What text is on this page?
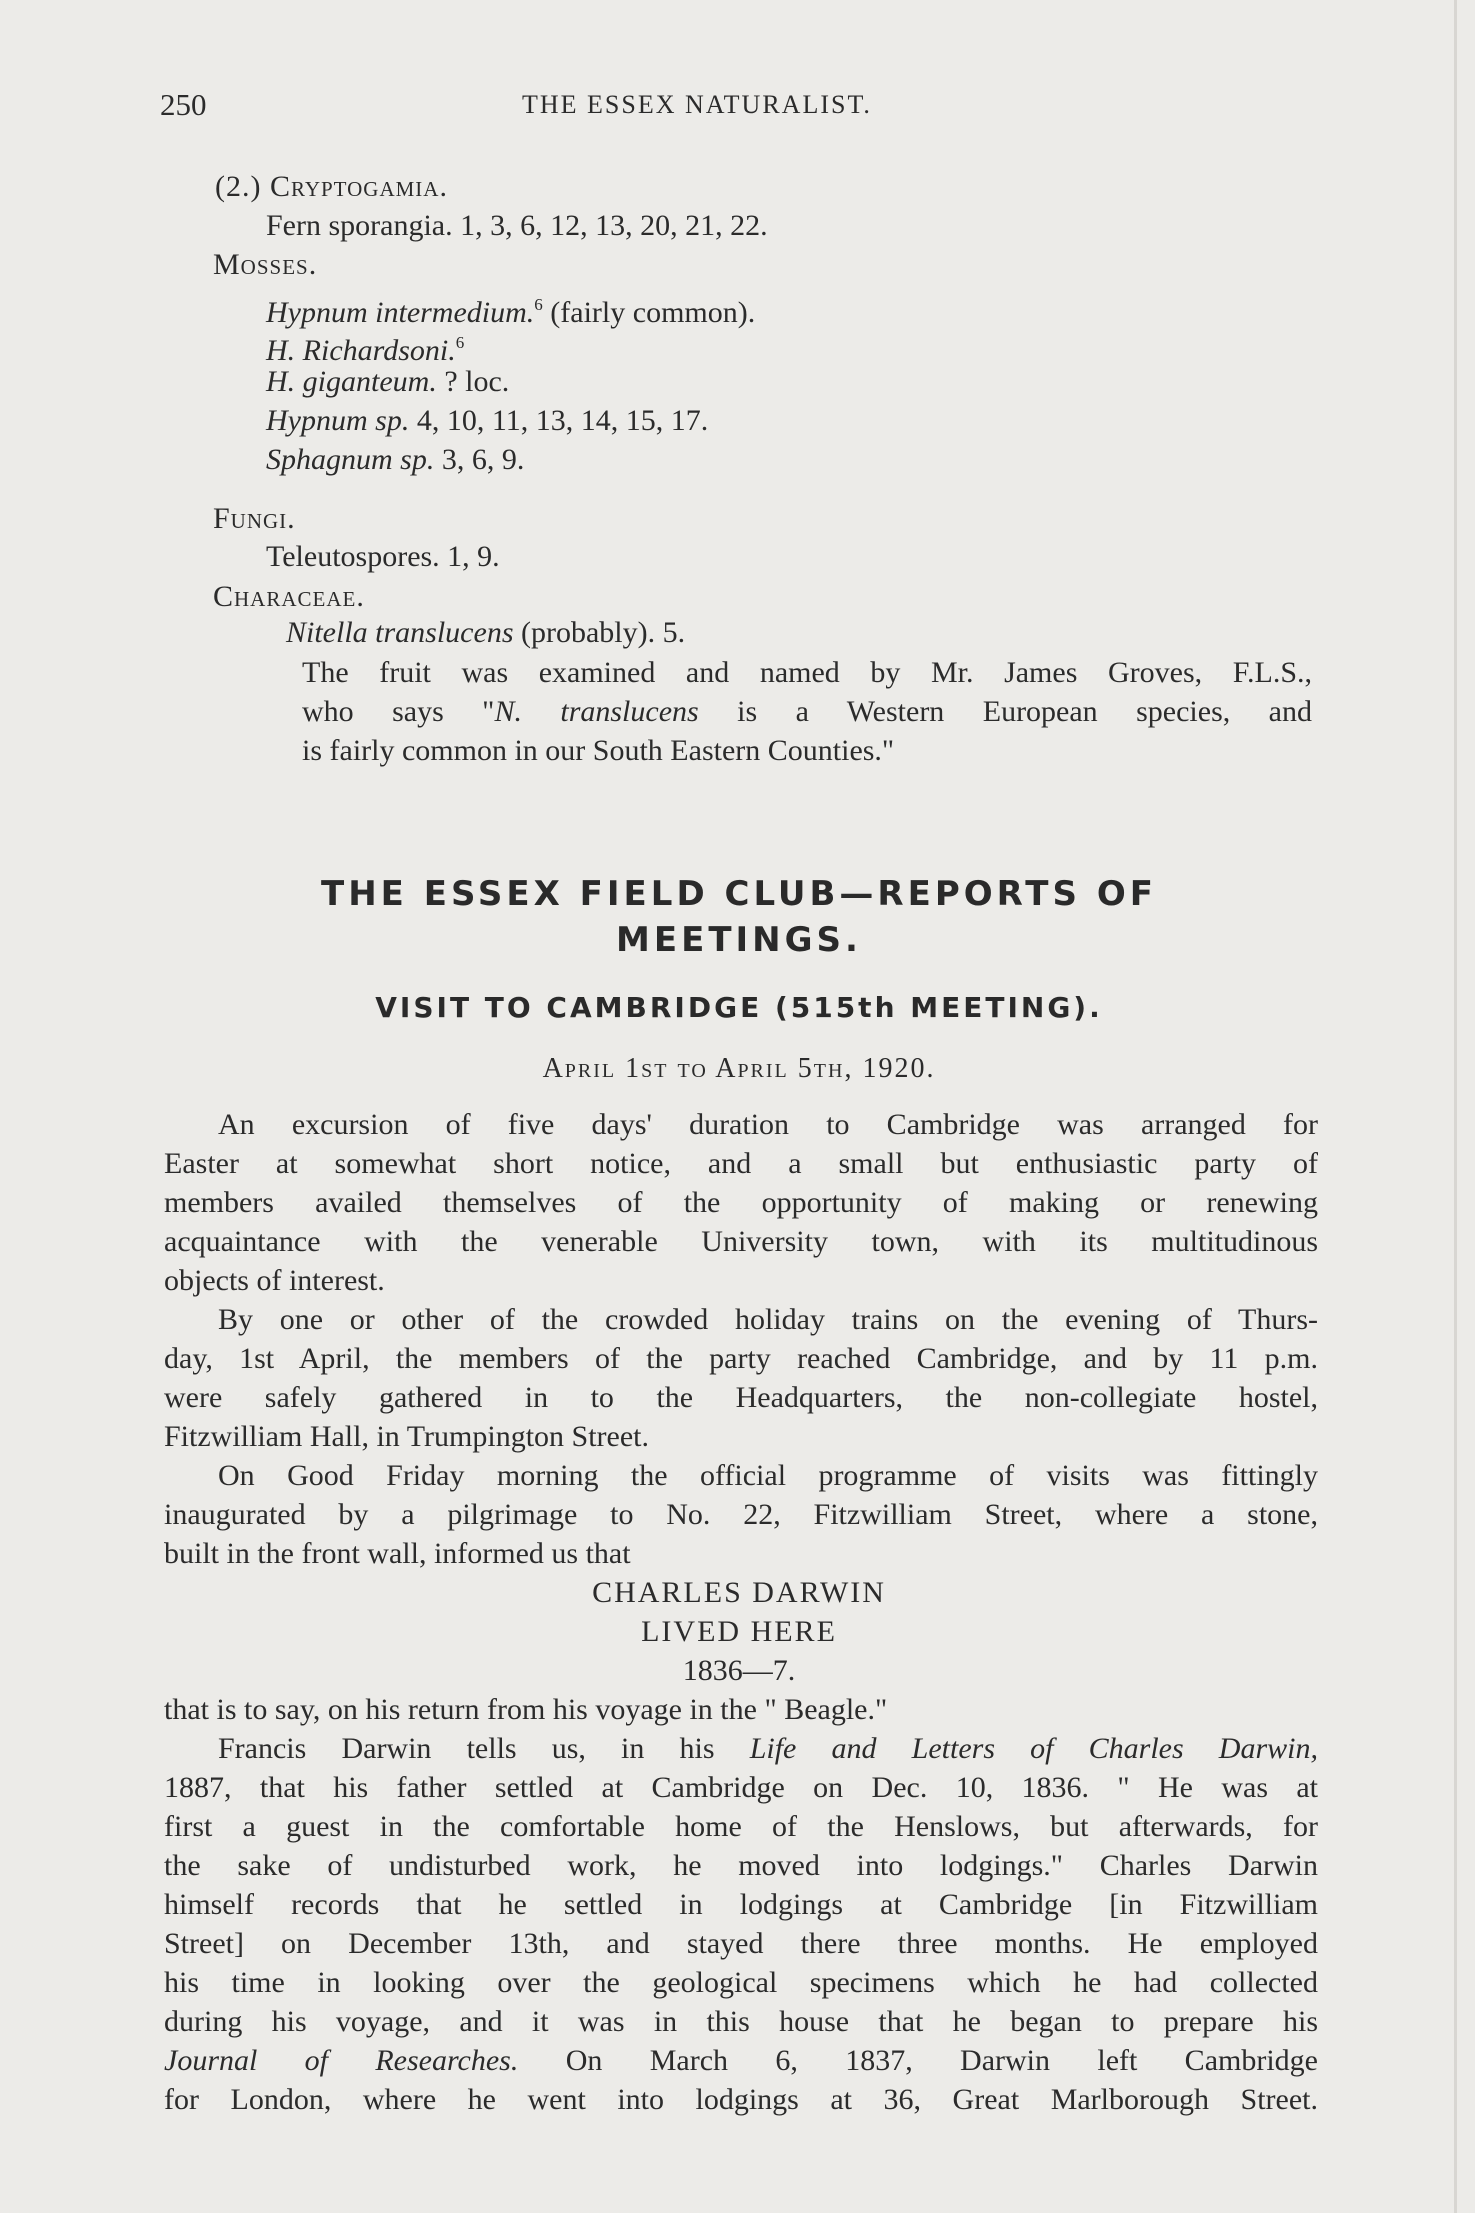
250	THE ESSEX NATURALIST.
(2.) Cryptogamia.
Fern sporangia. 1, 3, 6, 12, 13, 20, 21, 22.
Mosses.
Hypnum intermedium.$^6$ (fairly common).
H. Richardsoni.$^6$
H. giganteum. ? loc.
Hypnum sp. 4, 10, 11, 13, 14, 15, 17.
Sphagnum sp. 3, 6, 9.
Fungi.
Teleutospores. 1, 9.
Characeae.
Nitella translucens (probably). 5.
The fruit was examined and named by Mr. James Groves, F.L.S.,
who says "N. translucens is a Western European species, and
is fairly common in our South Eastern Counties."
THE ESSEX FIELD CLUB—REPORTS OF
MEETINGS.
VISIT TO CAMBRIDGE (515th MEETING).
April 1st to April 5th, 1920.
An excursion of five days' duration to Cambridge was arranged for
Easter at somewhat short notice, and a small but enthusiastic party of
members availed themselves of the opportunity of making or renewing
acquaintance with the venerable University town, with its multitudinous
objects of interest.
By one or other of the crowded holiday trains on the evening of Thurs-
day, 1st April, the members of the party reached Cambridge, and by 11 p.m.
were safely gathered in to the Headquarters, the non-collegiate hostel,
Fitzwilliam Hall, in Trumpington Street.
On Good Friday morning the official programme of visits was fittingly
inaugurated by a pilgrimage to No. 22, Fitzwilliam Street, where a stone,
built in the front wall, informed us that
CHARLES DARWIN
LIVED HERE
1836—7.
that is to say, on his return from his voyage in the " Beagle."
Francis Darwin tells us, in his Life and Letters of Charles Darwin,
1887, that his father settled at Cambridge on Dec. 10, 1836. " He was at
first a guest in the comfortable home of the Henslows, but afterwards, for
the sake of undisturbed work, he moved into lodgings." Charles Darwin
himself records that he settled in lodgings at Cambridge [in Fitzwilliam
Street] on December 13th, and stayed there three months. He employed
his time in looking over the geological specimens which he had collected
during his voyage, and it was in this house that he began to prepare his
Journal of Researches. On March 6, 1837, Darwin left Cambridge
for London, where he went into lodgings at 36, Great Marlborough Street.
